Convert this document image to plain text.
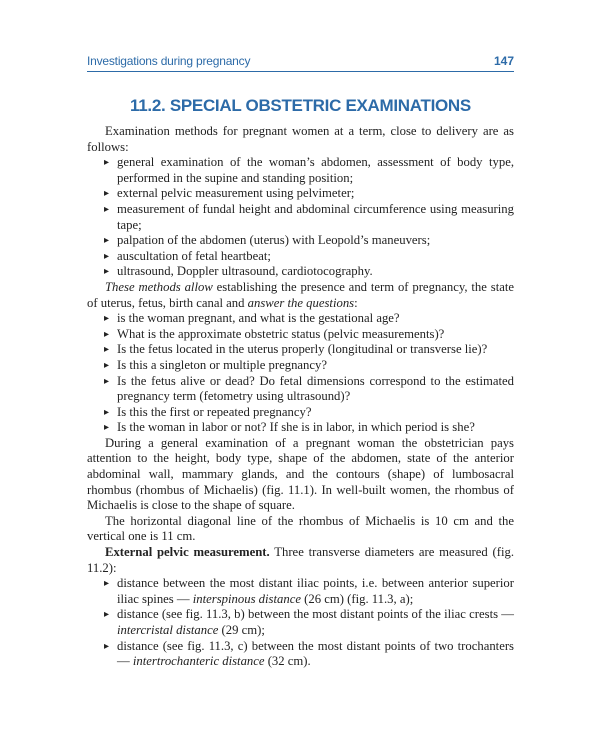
Investigations during pregnancy	147
11.2. SPECIAL OBSTETRIC EXAMINATIONS

Examination methods for pregnant women at a term, close to delivery are as follows:

▸ general examination of the woman’s abdomen, assessment of body type, performed in the supine and standing position;
▸ external pelvic measurement using pelvimeter;
▸ measurement of fundal height and abdominal circumference using measuring tape;
▸ palpation of the abdomen (uterus) with Leopold’s maneuvers;
▸ auscultation of fetal heartbeat;
▸ ultrasound, Doppler ultrasound, cardiotocography.

These methods allow establishing the presence and term of pregnancy, the state of uterus, fetus, birth canal and answer the questions:

▸ is the woman pregnant, and what is the gestational age?
▸ What is the approximate obstetric status (pelvic measurements)?
▸ Is the fetus located in the uterus properly (longitudinal or transverse lie)?
▸ Is this a singleton or multiple pregnancy?
▸ Is the fetus alive or dead? Do fetal dimensions correspond to the estimated pregnancy term (fetometry using ultrasound)?
▸ Is this the first or repeated pregnancy?
▸ Is the woman in labor or not? If she is in labor, in which period is she?

During a general examination of a pregnant woman the obstetrician pays attention to the height, body type, shape of the abdomen, state of the anterior abdominal wall, mammary glands, and the contours (shape) of lumbosacral rhombus (rhombus of Michaelis) (fig. 11.1). In well-built women, the rhombus of Michaelis is close to the shape of square.

The horizontal diagonal line of the rhombus of Michaelis is 10 cm and the vertical one is 11 cm.

External pelvic measurement. Three transverse diameters are measured (fig. 11.2):

▸ distance between the most distant iliac points, i.e. between anterior superior iliac spines — interspinous distance (26 cm) (fig. 11.3, a);
▸ distance (see fig. 11.3, b) between the most distant points of the iliac crests — intercristal distance (29 cm);
▸ distance (see fig. 11.3, c) between the most distant points of two trochanters — intertrochanteric distance (32 cm).
